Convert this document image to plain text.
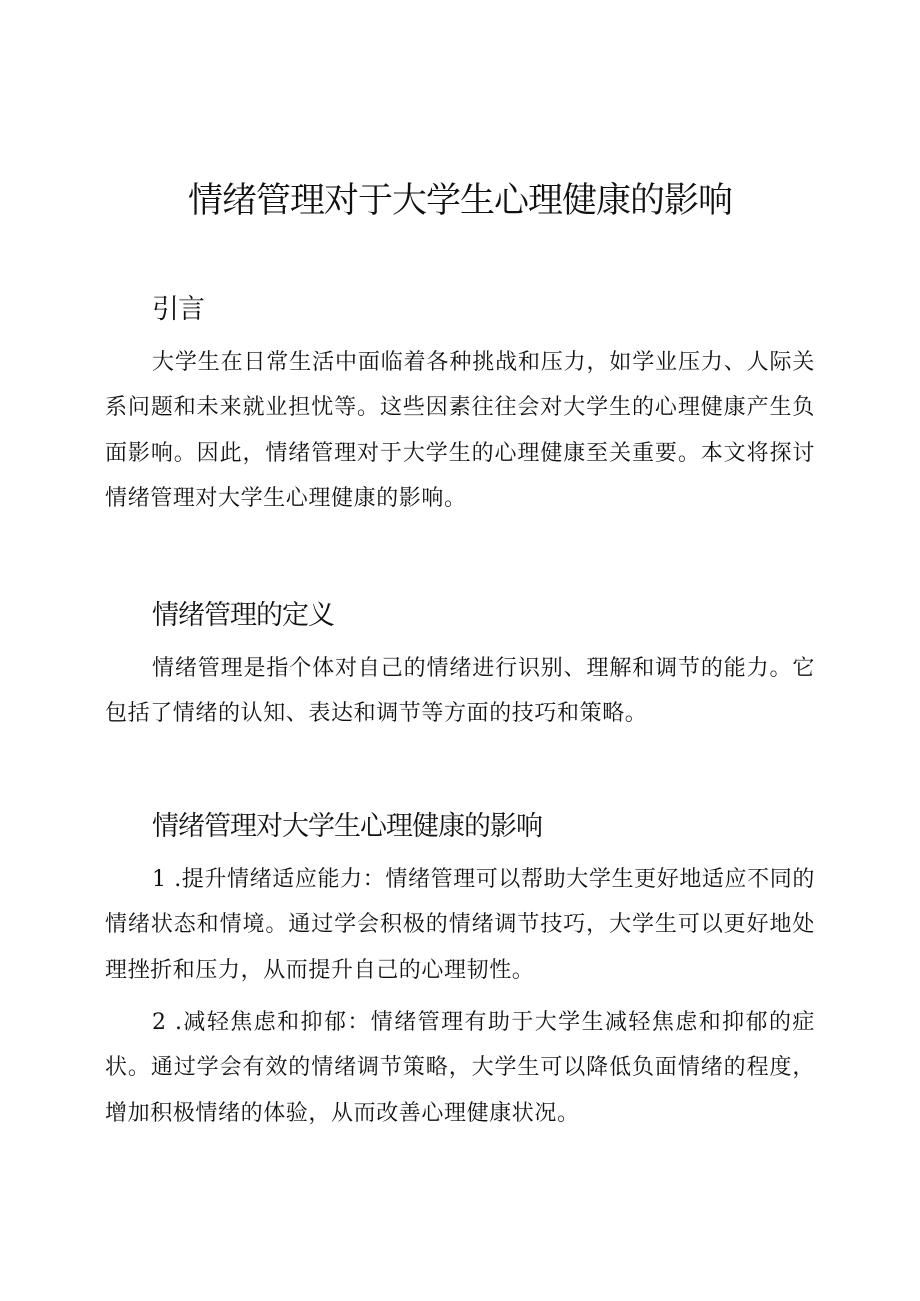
情绪管理对于大学生心理健康的影响
引言

大学生在日常生活中面临着各种挑战和压力，如学业压力、人际关系问题和未来就业担忧等。这些因素往往会对大学生的心理健康产生负面影响。因此，情绪管理对于大学生的心理健康至关重要。本文将探讨情绪管理对大学生心理健康的影响。

情绪管理的定义

情绪管理是指个体对自己的情绪进行识别、理解和调节的能力。它包括了情绪的认知、表达和调节等方面的技巧和策略。

情绪管理对大学生心理健康的影响

1 .提升情绪适应能力：情绪管理可以帮助大学生更好地适应不同的情绪状态和情境。通过学会积极的情绪调节技巧，大学生可以更好地处理挫折和压力，从而提升自己的心理韧性。

2 .减轻焦虑和抑郁：情绪管理有助于大学生减轻焦虑和抑郁的症状。通过学会有效的情绪调节策略，大学生可以降低负面情绪的程度，增加积极情绪的体验，从而改善心理健康状况。
